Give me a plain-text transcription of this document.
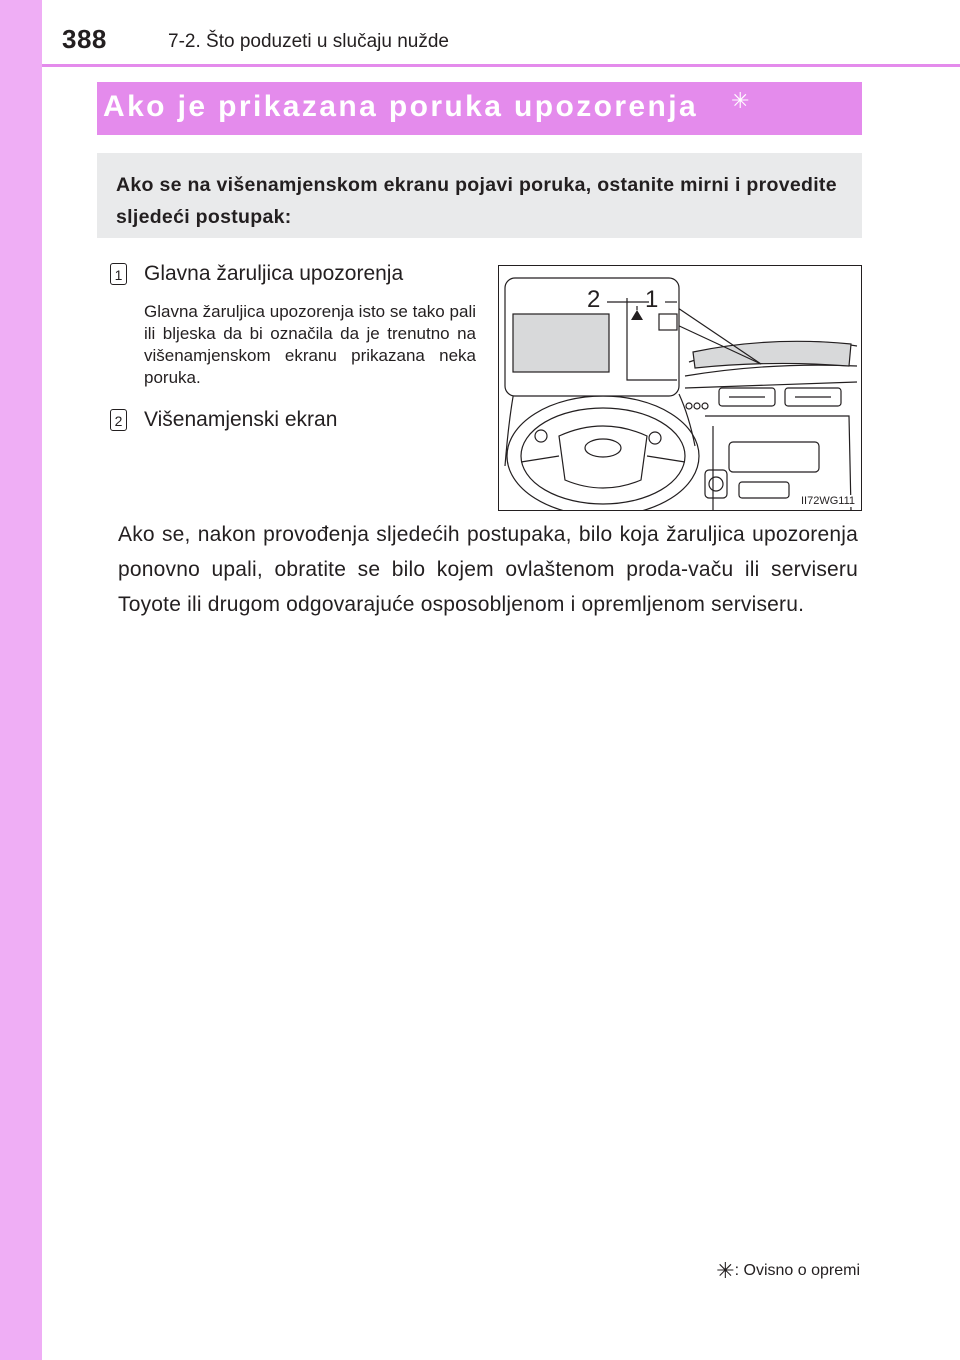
388	7-2. Što poduzeti u slučaju nužde
Ako je prikazana poruka upozorenja ✳
Ako se na višenamjenskom ekranu pojavi poruka, ostanite mirni i provedite sljedeći postupak:
1 Glavna žaruljica upozorenja
Glavna žaruljica upozorenja isto se tako pali ili bljeska da bi označila da je trenutno na višenamjenskom ekranu prikazana neka poruka.
2 Višenamjenski ekran
2 1
II72WG111
Ako se, nakon provođenja sljedećih postupaka, bilo koja žaruljica upozorenja ponovno upali, obratite se bilo kojem ovlaštenom proda-vaču ili serviseru Toyote ili drugom odgovarajuće osposobljenom i opremljenom serviseru.
✳: Ovisno o opremi
